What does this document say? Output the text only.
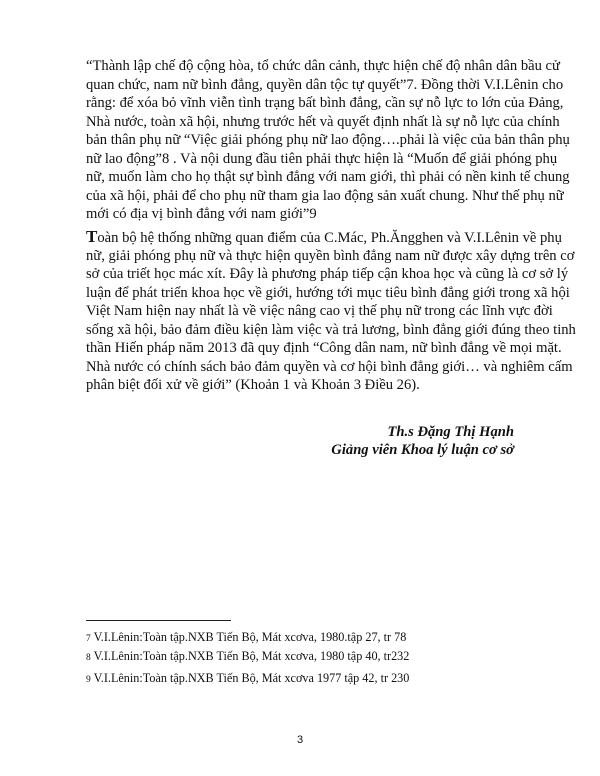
“Thành lập chế độ cộng hòa, tổ chức dân cảnh, thực hiện chế độ nhân dân bầu cử
quan chức, nam nữ bình đẳng, quyền dân tộc tự quyết”7. Đồng thời V.I.Lênin cho
rằng: để xóa bỏ vĩnh viễn tình trạng bất bình đẳng, cần sự nỗ lực to lớn của Đảng,
Nhà nước, toàn xã hội, nhưng trước hết và quyết định nhất là sự nỗ lực của chính
bản thân phụ nữ “Việc giải phóng phụ nữ lao động….phải là việc của bản thân phụ
nữ lao động”8 . Và nội dung đầu tiên phải thực hiện là “Muốn để giải phóng phụ
nữ, muốn làm cho họ thật sự bình đẳng với nam giới, thì phải có nền kinh tế chung
của xã hội, phải để cho phụ nữ tham gia lao động sản xuất chung. Như thế phụ nữ
mới có địa vị bình đẳng với nam giới”9
Toàn bộ hệ thống những quan điểm của C.Mác, Ph.Ăngghen và V.I.Lênin về phụ
nữ, giải phóng phụ nữ và thực hiện quyền bình đẳng nam nữ được xây dựng trên cơ
sở của triết học mác xít. Đây là phương pháp tiếp cận khoa học và cũng là cơ sở lý
luận để phát triển khoa học về giới, hướng tới mục tiêu bình đẳng giới trong xã hội
Việt Nam hiện nay nhất là về việc nâng cao vị thế phụ nữ trong các lĩnh vực đời
sống xã hội, bảo đảm điều kiện làm việc và trả lương, bình đẳng giới đúng theo tinh
thần Hiến pháp năm 2013 đã quy định “Công dân nam, nữ bình đẳng về mọi mặt.
Nhà nước có chính sách bảo đảm quyền và cơ hội bình đẳng giới… và nghiêm cấm
phân biệt đối xử về giới” (Khoản 1 và Khoản 3 Điều 26).
Th.s Đặng Thị Hạnh
Giảng viên Khoa lý luận cơ sở
7 V.I.Lênin:Toàn tập.NXB Tiến Bộ, Mát xcơva, 1980.tập 27, tr 78
8 V.I.Lênin:Toàn tập.NXB Tiến Bộ, Mát xcơva, 1980 tập 40, tr232
9 V.I.Lênin:Toàn tập.NXB Tiến Bộ, Mát xcơva 1977 tập 42, tr 230
3
